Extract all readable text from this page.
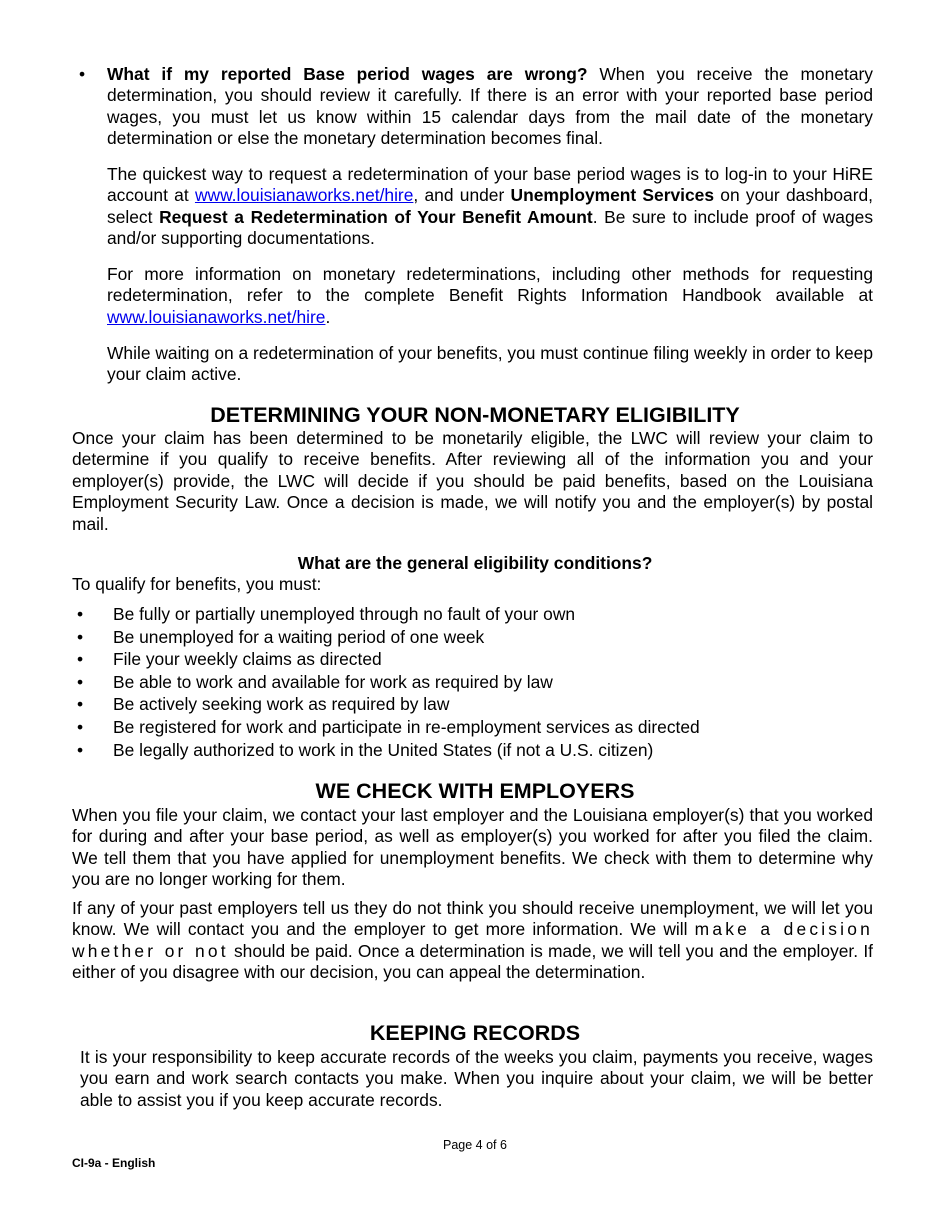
• What if my reported Base period wages are wrong? When you receive the monetary determination, you should review it carefully. If there is an error with your reported base period wages, you must let us know within 15 calendar days from the mail date of the monetary determination or else the monetary determination becomes final.

The quickest way to request a redetermination of your base period wages is to log-in to your HiRE account at www.louisianaworks.net/hire, and under Unemployment Services on your dashboard, select Request a Redetermination of Your Benefit Amount. Be sure to include proof of wages and/or supporting documentations.

For more information on monetary redeterminations, including other methods for requesting redetermination, refer to the complete Benefit Rights Information Handbook available at www.louisianaworks.net/hire.

While waiting on a redetermination of your benefits, you must continue filing weekly in order to keep your claim active.

DETERMINING YOUR NON-MONETARY ELIGIBILITY

Once your claim has been determined to be monetarily eligible, the LWC will review your claim to determine if you qualify to receive benefits. After reviewing all of the information you and your employer(s) provide, the LWC will decide if you should be paid benefits, based on the Louisiana Employment Security Law. Once a decision is made, we will notify you and the employer(s) by postal mail.

What are the general eligibility conditions?

To qualify for benefits, you must:

• Be fully or partially unemployed through no fault of your own
• Be unemployed for a waiting period of one week
• File your weekly claims as directed
• Be able to work and available for work as required by law
• Be actively seeking work as required by law
• Be registered for work and participate in re-employment services as directed
• Be legally authorized to work in the United States (if not a U.S. citizen)
WE CHECK WITH EMPLOYERS

When you file your claim, we contact your last employer and the Louisiana employer(s) that you worked for during and after your base period, as well as employer(s) you worked for after you filed the claim. We tell them that you have applied for unemployment benefits. We check with them to determine why you are no longer working for them.

If any of your past employers tell us they do not think you should receive unemployment, we will let you know. We will contact you and the employer to get more information. We will make a decision whether or not should be paid. Once a determination is made, we will tell you and the employer. If either of you disagree with our decision, you can appeal the determination.

KEEPING RECORDS

It is your responsibility to keep accurate records of the weeks you claim, payments you receive, wages you earn and work search contacts you make. When you inquire about your claim, we will be better able to assist you if you keep accurate records.

Page 4 of 6
CI-9a - English
